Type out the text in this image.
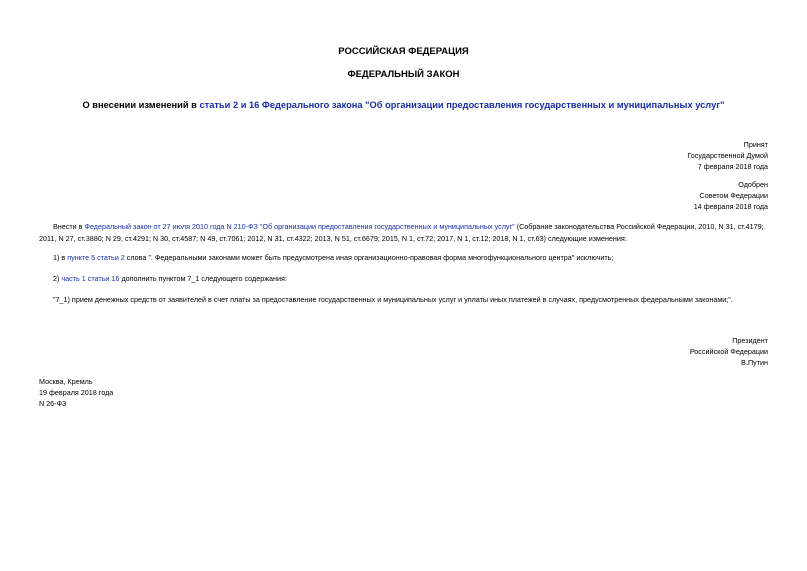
РОССИЙСКАЯ ФЕДЕРАЦИЯ
ФЕДЕРАЛЬНЫЙ ЗАКОН
О внесении изменений в статьи 2 и 16 Федерального закона "Об организации предоставления государственных и муниципальных услуг"
Принят
Государственной Думой
7 февраля 2018 года
Одобрен
Советом Федерации
14 февраля 2018 года
Внести в Федеральный закон от 27 июля 2010 года N 210-ФЗ "Об организации предоставления государственных и муниципальных услуг" (Собрание законодательства Российской Федерации, 2010, N 31, ст.4179; 2011, N 27, ст.3880; N 29, ст.4291; N 30, ст.4587; N 49, ст.7061; 2012, N 31, ст.4322; 2013, N 51, ст.6679; 2015, N 1, ст.72; 2017, N 1, ст.12; 2018, N 1, ст.63) следующие изменения:
1) в пункте 5 статьи 2 слова ". Федеральными законами может быть предусмотрена иная организационно-правовая форма многофункционального центра" исключить;
2) часть 1 статьи 16 дополнить пунктом 7_1 следующего содержания:
"7_1) прием денежных средств от заявителей в счет платы за предоставление государственных и муниципальных услуг и уплаты иных платежей в случаях, предусмотренных федеральными законами;".
Президент
Российской Федерации
В.Путин
Москва, Кремль
19 февраля 2018 года
N 26-ФЗ
